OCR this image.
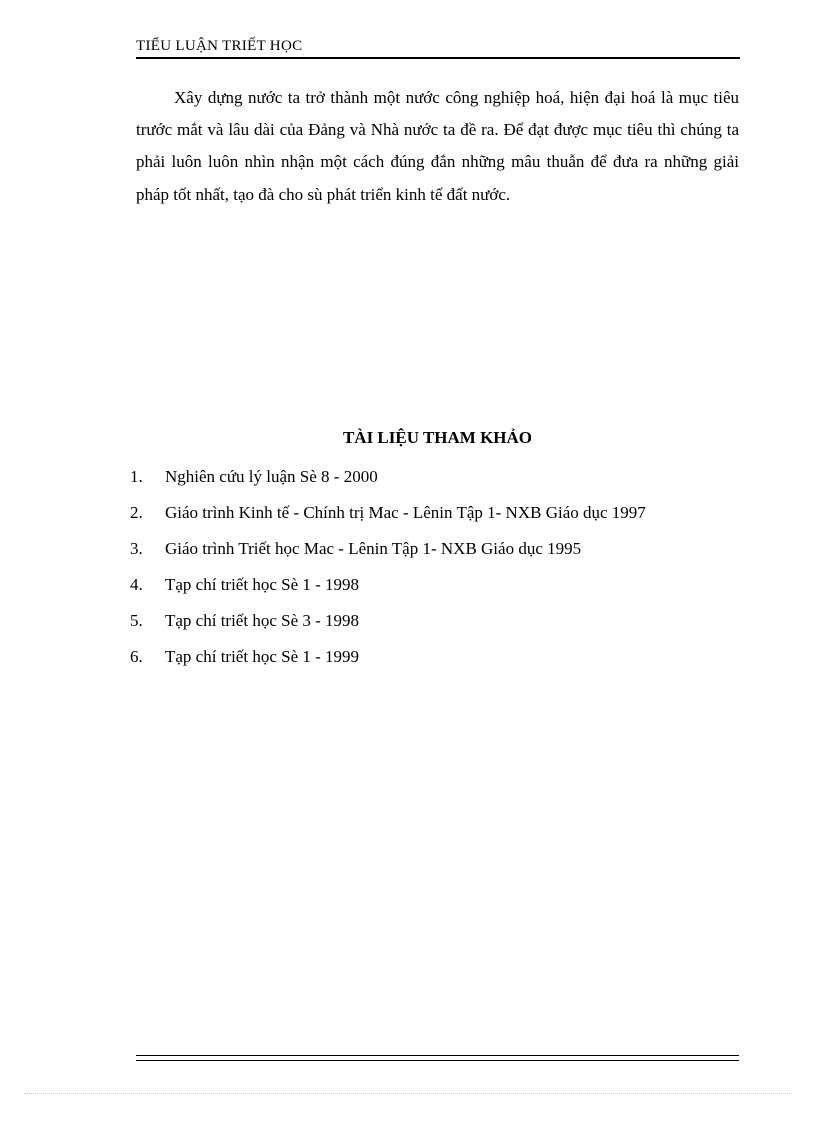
TIỂU LUẬN TRIẾT HỌC

Xây dựng nước ta trở thành một nước công nghiệp hoá, hiện đại hoá là mục tiêu trước mắt và lâu dài của Đảng và Nhà nước ta đề ra. Để đạt được mục tiêu thì chúng ta phải luôn luôn nhìn nhận một cách đúng đắn những mâu thuẫn để đưa ra những giải pháp tốt nhất, tạo đà cho sù phát triển kinh tế đất nước.

TÀI LIỆU THAM KHẢO
1. Nghiên cứu lý luận Sè 8 - 2000
2. Giáo trình Kinh tế - Chính trị Mac - Lênin Tập 1- NXB Giáo dục 1997
3. Giáo trình Triết học Mac - Lênin Tập 1- NXB Giáo dục 1995
4. Tạp chí triết học Sè 1 - 1998
5. Tạp chí triết học Sè 3 - 1998
6. Tạp chí triết học Sè 1 - 1999
